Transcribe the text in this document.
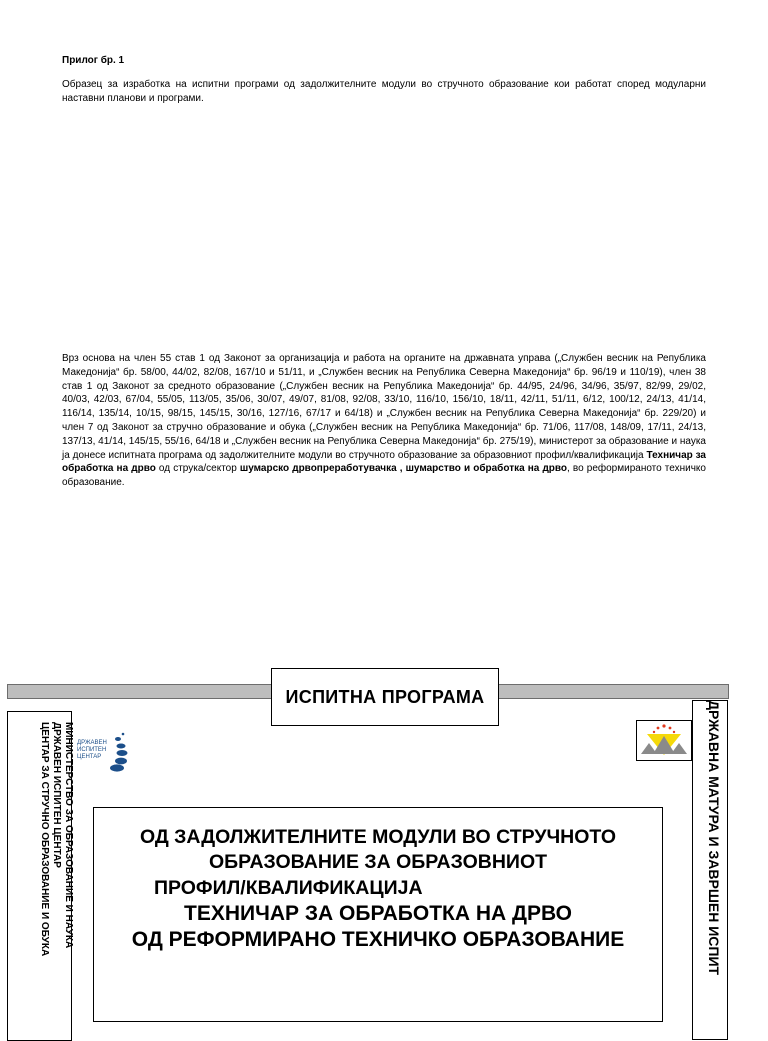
Прилог бр. 1
Образец за изработка на испитни програми од задолжителните модули во стручното образование кои работат според модуларни наставни планови и програми.
Врз основа на член 55 став 1 од Законот за организација и работа на органите на државната управа („Службен весник на Република Македонија“ бр. 58/00, 44/02, 82/08, 167/10 и 51/11, и „Службен весник на Република Северна Македонија“ бр. 96/19 и 110/19), член 38 став 1 од Законот за средното образование („Службен весник на Република Македонија“ бр. 44/95, 24/96, 34/96, 35/97, 82/99, 29/02, 40/03, 42/03, 67/04, 55/05, 113/05, 35/06, 30/07, 49/07, 81/08, 92/08, 33/10, 116/10, 156/10, 18/11, 42/11, 51/11, 6/12, 100/12, 24/13, 41/14, 116/14, 135/14, 10/15, 98/15, 145/15, 30/16, 127/16, 67/17 и 64/18) и „Службен весник на Република Северна Македонија“ бр. 229/20) и член 7 од Законот за стручно образование и обука („Службен весник на Република Македонија“ бр. 71/06, 117/08, 148/09, 17/11, 24/13, 137/13, 41/14, 145/15, 55/16, 64/18 и „Службен весник на Република Северна Македонија“ бр. 275/19), министерот за образование и наука ја донесе испитната програма од задолжителните модули во стручното образование за образовниот профил/квалификација Техничар за обработка на дрво од струка/сектор шумарско дрвопреработувачка , шумарство и обработка на дрво, во реформираното техничко образование.
ИСПИТНА ПРОГРАМА
МИНИСТЕРСТВО ЗА ОБРАЗОВАНИЕ И НАУКА
ДРЖАВЕН ИСПИТЕН ЦЕНТАР
ЦЕНТАР ЗА СТРУЧНО ОБРАЗОВАНИЕ И ОБУКА	ДРЖАВНА МАТУРА И ЗАВРШЕН ИСПИТ
ДРЖАВЕН
ИСПИТЕН
ЦЕНТАР
ОД ЗАДОЛЖИТЕЛНИТЕ МОДУЛИ ВО СТРУЧНОТО
ОБРАЗОВАНИЕ ЗА ОБРАЗОВНИОТ
ПРОФИЛ/КВАЛИФИКАЦИЈА
ТЕХНИЧАР ЗА ОБРАБОТКА НА ДРВО
ОД РЕФОРМИРАНО ТЕХНИЧКО ОБРАЗОВАНИЕ
